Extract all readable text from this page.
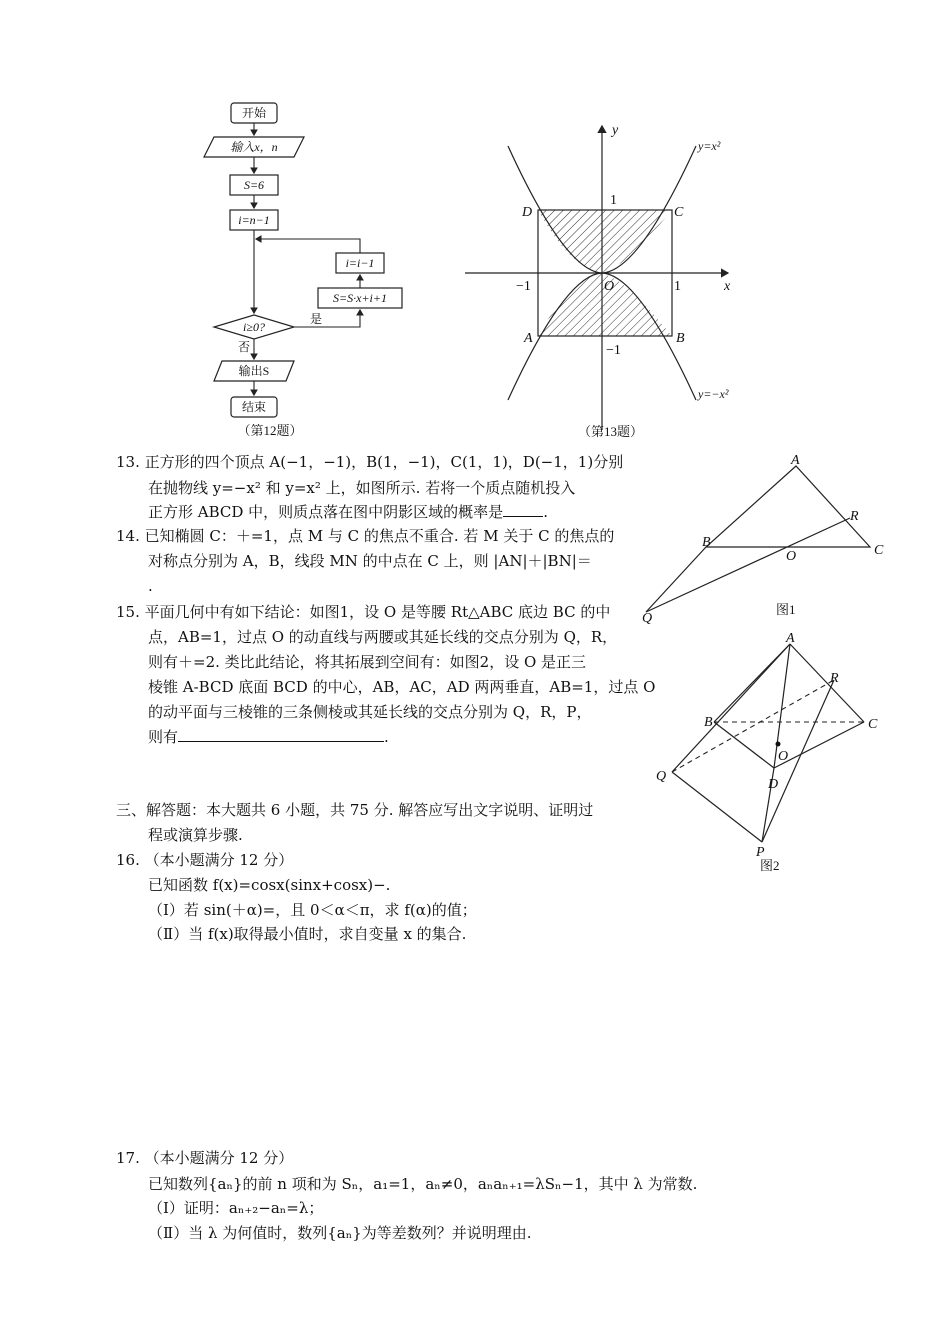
开始
输入x，n
S=6
i=n−1
i=i−1
S=S·x+i+1
i≥0?
是
否
输出S
结束
（第12题）
y
x
y=x²
y=−x²
1
−1
1
−1	O
A	B
C
D
（第13题）
A
B
C
O
R
Q
图1
A
B	C
D
O
R
Q
P
图2
13. 正方形的四个顶点 A(−1，−1)，B(1，−1)，C(1，1)，D(−1，1)分别
在抛物线 y=−x² 和 y=x² 上，如图所示. 若将一个质点随机投入
正方形 ABCD 中，则质点落在图中阴影区域的概率是	.
14. 已知椭圆 C：＋=1，点 M 与 C 的焦点不重合. 若 M 关于 C 的焦点的
对称点分别为 A，B，线段 MN 的中点在 C 上，则 |AN|＋|BN|＝
.
15. 平面几何中有如下结论：如图1，设 O 是等腰 Rt△ABC 底边 BC 的中
点，AB=1，过点 O 的动直线与两腰或其延长线的交点分别为 Q，R，
则有＋=2. 类比此结论，将其拓展到空间有：如图2，设 O 是正三
棱锥 A-BCD 底面 BCD 的中心，AB，AC，AD 两两垂直，AB=1，过点 O
的动平面与三棱锥的三条侧棱或其延长线的交点分别为 Q，R，P，
则有	.
三、解答题：本大题共 6 小题，共 75 分. 解答应写出文字说明、证明过
程或演算步骤.
16. （本小题满分 12 分）
已知函数 f(x)=cosx(sinx+cosx)−.
（Ⅰ）若 sin(＋α)=，且 0＜α＜π，求 f(α)的值；
（Ⅱ）当 f(x)取得最小值时，求自变量 x 的集合.
17. （本小题满分 12 分）
已知数列{aₙ}的前 n 项和为 Sₙ，a₁=1，aₙ≠0，aₙaₙ₊₁=λSₙ−1，其中 λ 为常数.
（Ⅰ）证明：aₙ₊₂−aₙ=λ；
（Ⅱ）当 λ 为何值时，数列{aₙ}为等差数列？并说明理由.
